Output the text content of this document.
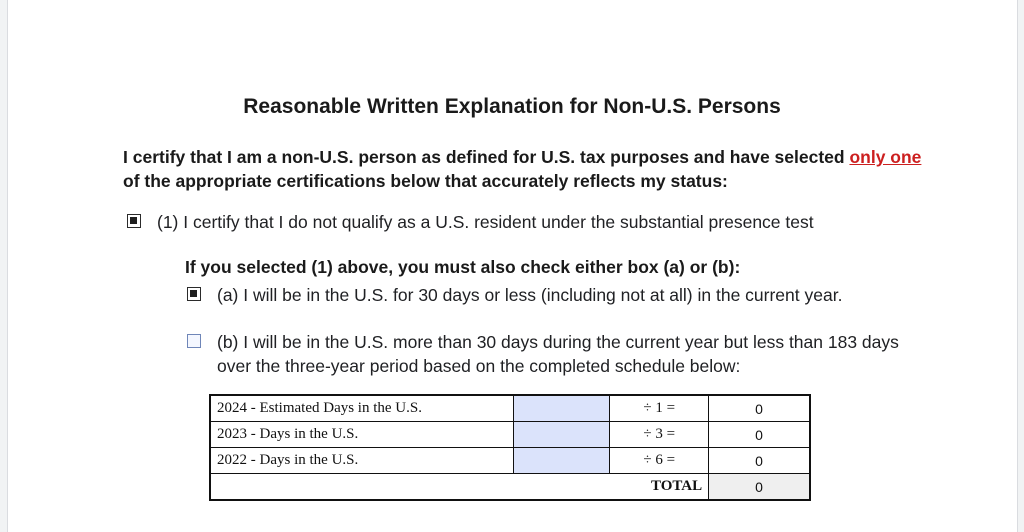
Reasonable Written Explanation for Non-U.S. Persons
I certify that I am a non-U.S. person as defined for U.S. tax purposes and have selected only one of the appropriate certifications below that accurately reflects my status:
(1) I certify that I do not qualify as a U.S. resident under the substantial presence test
If you selected (1) above, you must also check either box (a) or (b):
(a) I will be in the U.S. for 30 days or less (including not at all) in the current year.
(b) I will be in the U.S. more than 30 days during the current year but less than 183 days over the three-year period based on the completed schedule below:
2024 - Estimated Days in the U.S.		÷ 1 =	0
2023 - Days in the U.S.		÷ 3 =	0
2022 - Days in the U.S.		÷ 6 =	0
TOTAL			0
